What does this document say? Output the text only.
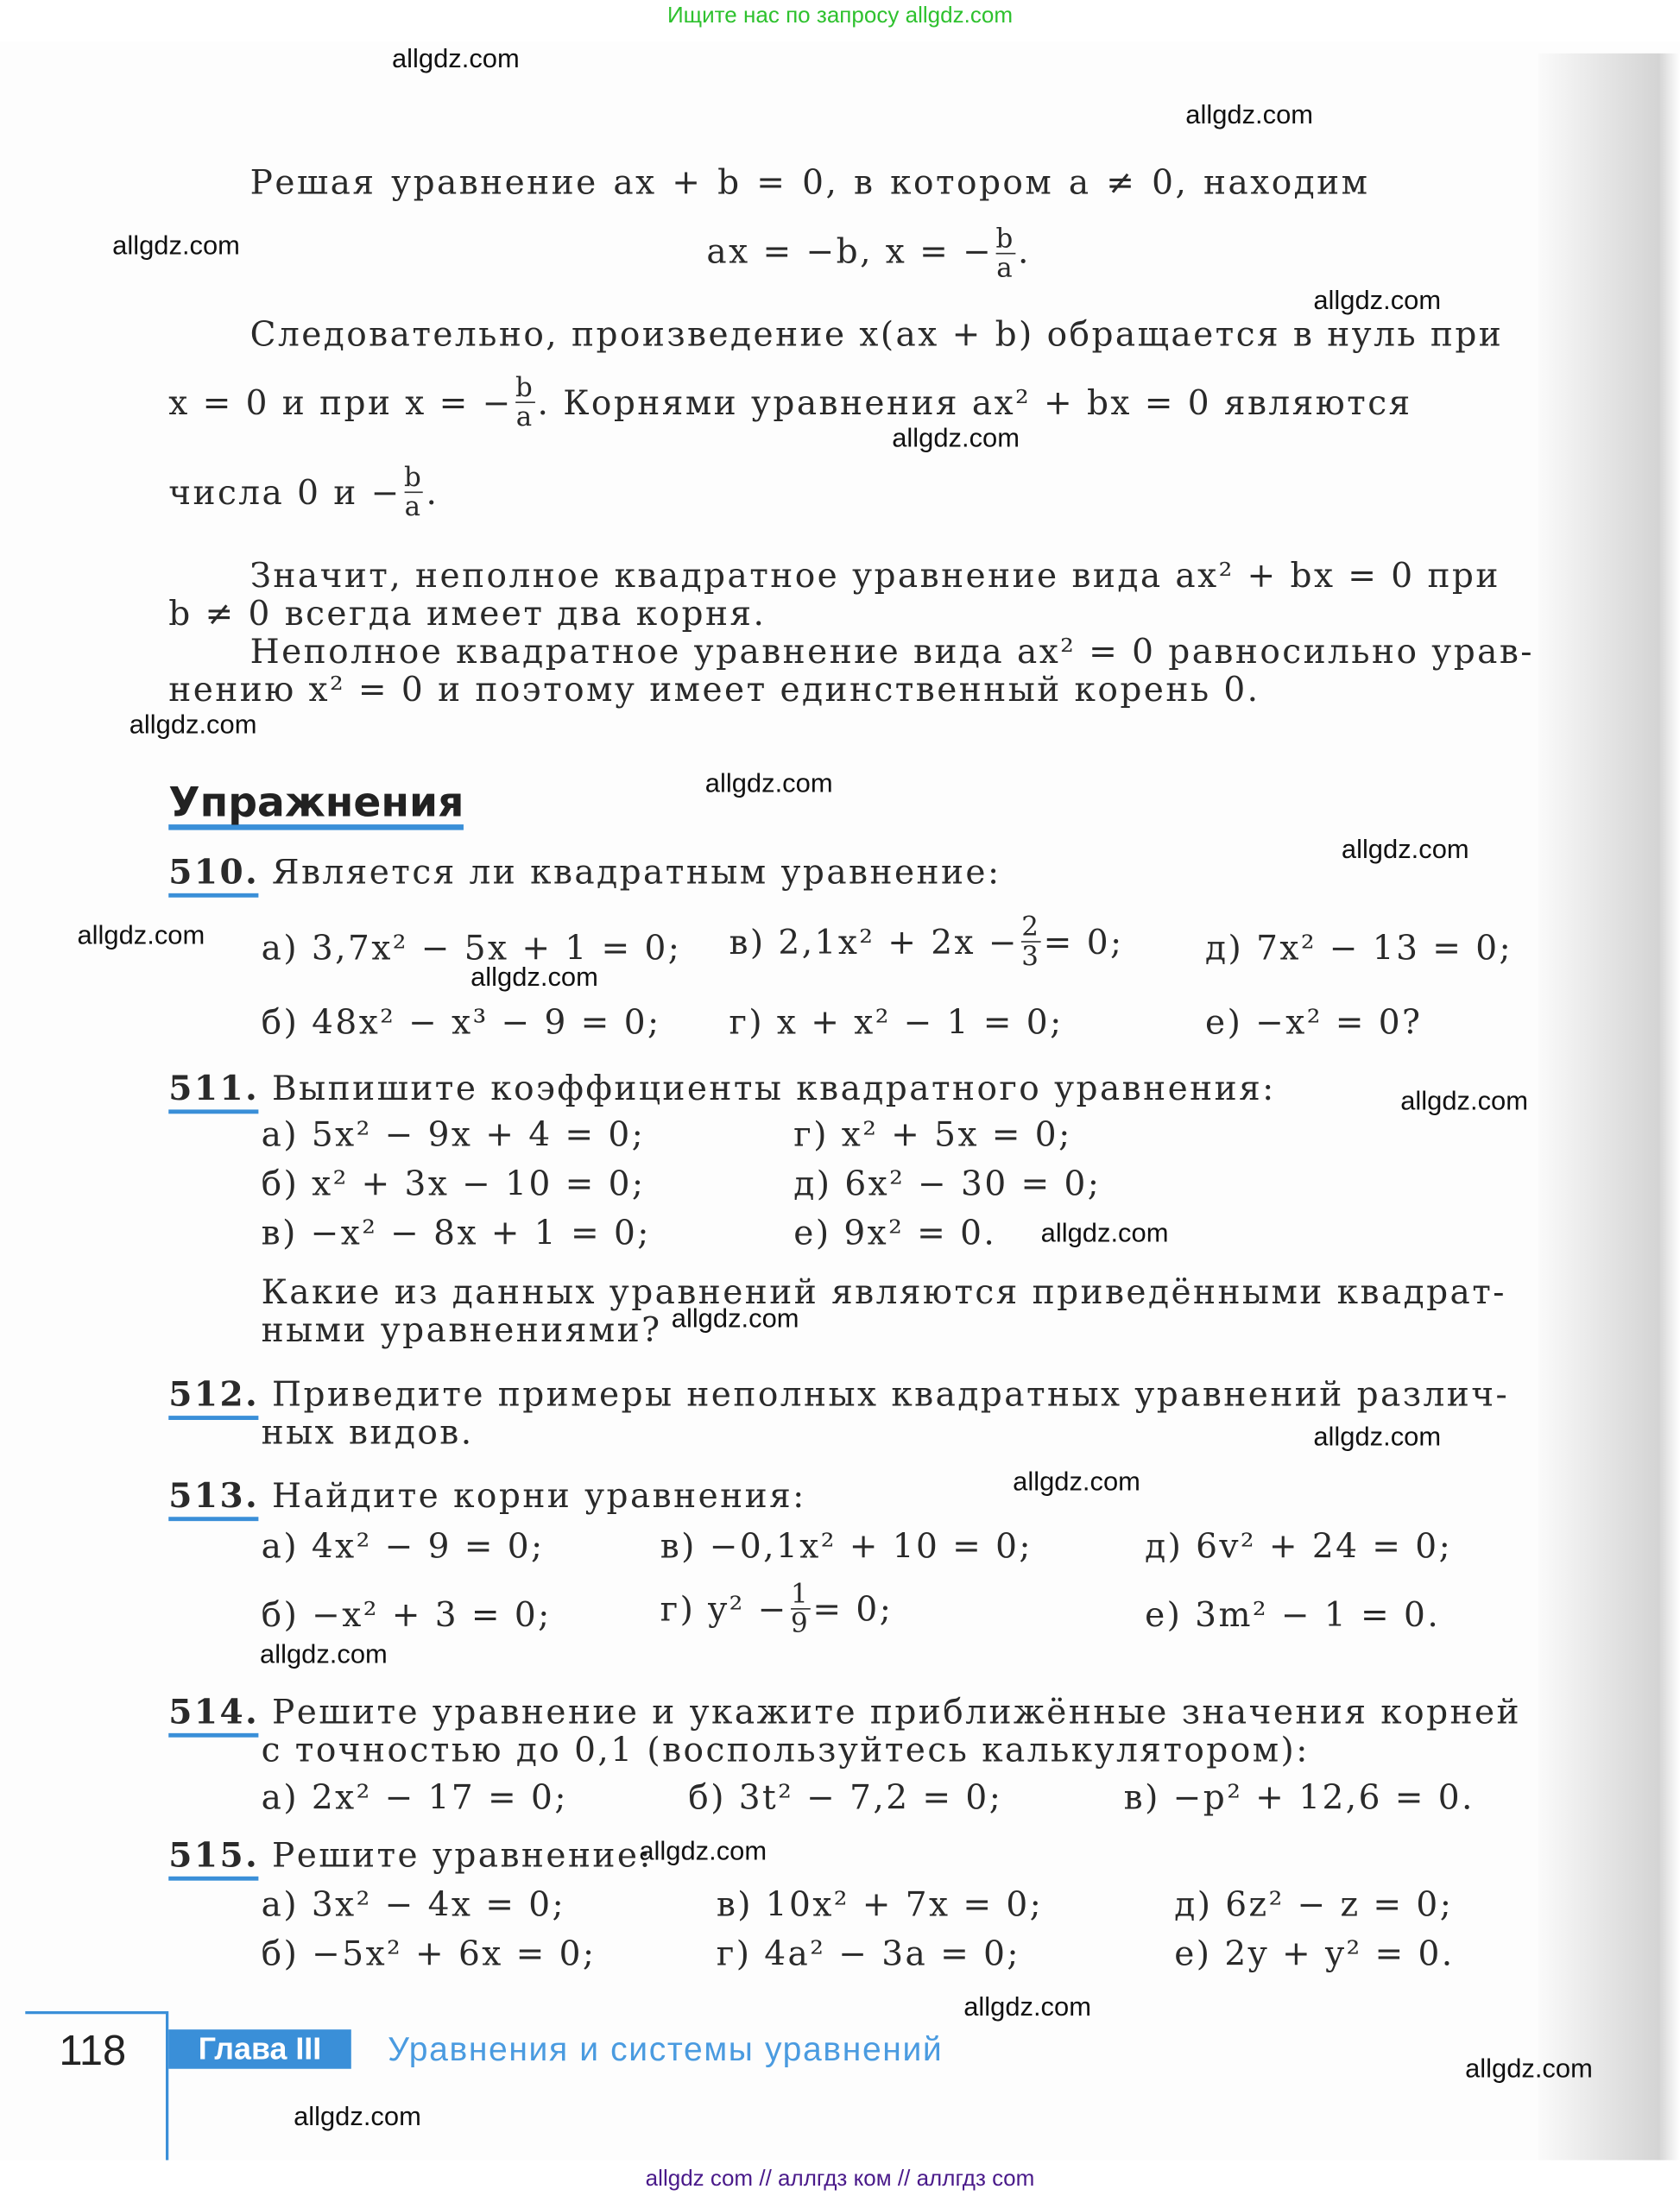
Ищите нас по запросу allgdz.com
Решая уравнение ax + b = 0, в котором a ≠ 0, находим
ax = −b, x = − $\frac{b}{a}$ .
Следовательно, произведение x(ax + b) обращается в нуль при
x = 0 и при x = − $\frac{b}{a}$ . Корнями уравнения ax² + bx = 0 являются
числа 0 $и - \frac{b}{a}$ .
Значит, неполное квадратное уравнение вида ax² + bx = 0 при
b ≠ 0 всегда имеет два корня.
Неполное квадратное уравнение вида ax² = 0 равносильно урав-
нению x² = 0 и поэтому имеет единственный корень 0.
Упражнения
510. Является ли квадратным уравнение:
а) 3,7x² − 5x + 1 = 0; в) $2,1x^2 + 2x - \frac{2}{3} = 0$;	д) 7x² − 13 = 0;
б) 48x² − x³ − 9 = 0;	г) x + x² − 1 = 0;	е) −x² = 0?
511. Выпишите коэффициенты квадратного уравнения:
а) 5x² − 9x + 4 = 0;	г) x² + 5x = 0;
б) x² + 3x − 10 = 0;	д) 6x² − 30 = 0;
в) −x² − 8x + 1 = 0;	е) 9x² = 0.
Какие из данных уравнений являются приведёнными квадрат-
ными уравнениями?
512. Приведите примеры неполных квадратных уравнений различ-
ных видов.
513. Найдите корни уравнения:
а) 4x² − 9 = 0;	в) −0,1x² + 10 = 0;	д) 6v² + 24 = 0;
б) −x² + 3 = 0;	г) $y^2 - \frac{1}{9} = 0$;	е) 3m² − 1 = 0.
514. Решите уравнение и укажите приближённые значения корней
с точностью до 0,1 (воспользуйтесь калькулятором):
а) 2x² − 17 = 0;	б) 3t² − 7,2 = 0;	в) −p² + 12,6 = 0.
515. Решите уравнение:
а) 3x² − 4x = 0;	в) 10x² + 7x = 0;	д) 6z² − z = 0;
б) −5x² + 6x = 0;	г) 4a² − 3a = 0;	е) 2y + y² = 0.
118	Глава III	Уравнения и системы уравнений
allgdz.com
allgdz.com
allgdz.com
allgdz.com
allgdz.com
allgdz.com
allgdz.com
allgdz.com
allgdz.com
allgdz.com
allgdz.com
allgdz.com
allgdz.com
allgdz.com
allgdz.com
allgdz.com
allgdz.com
allgdz.com
allgdz.com
allgdz.com
allgdz com // аллгдз ком // аллгдз com
